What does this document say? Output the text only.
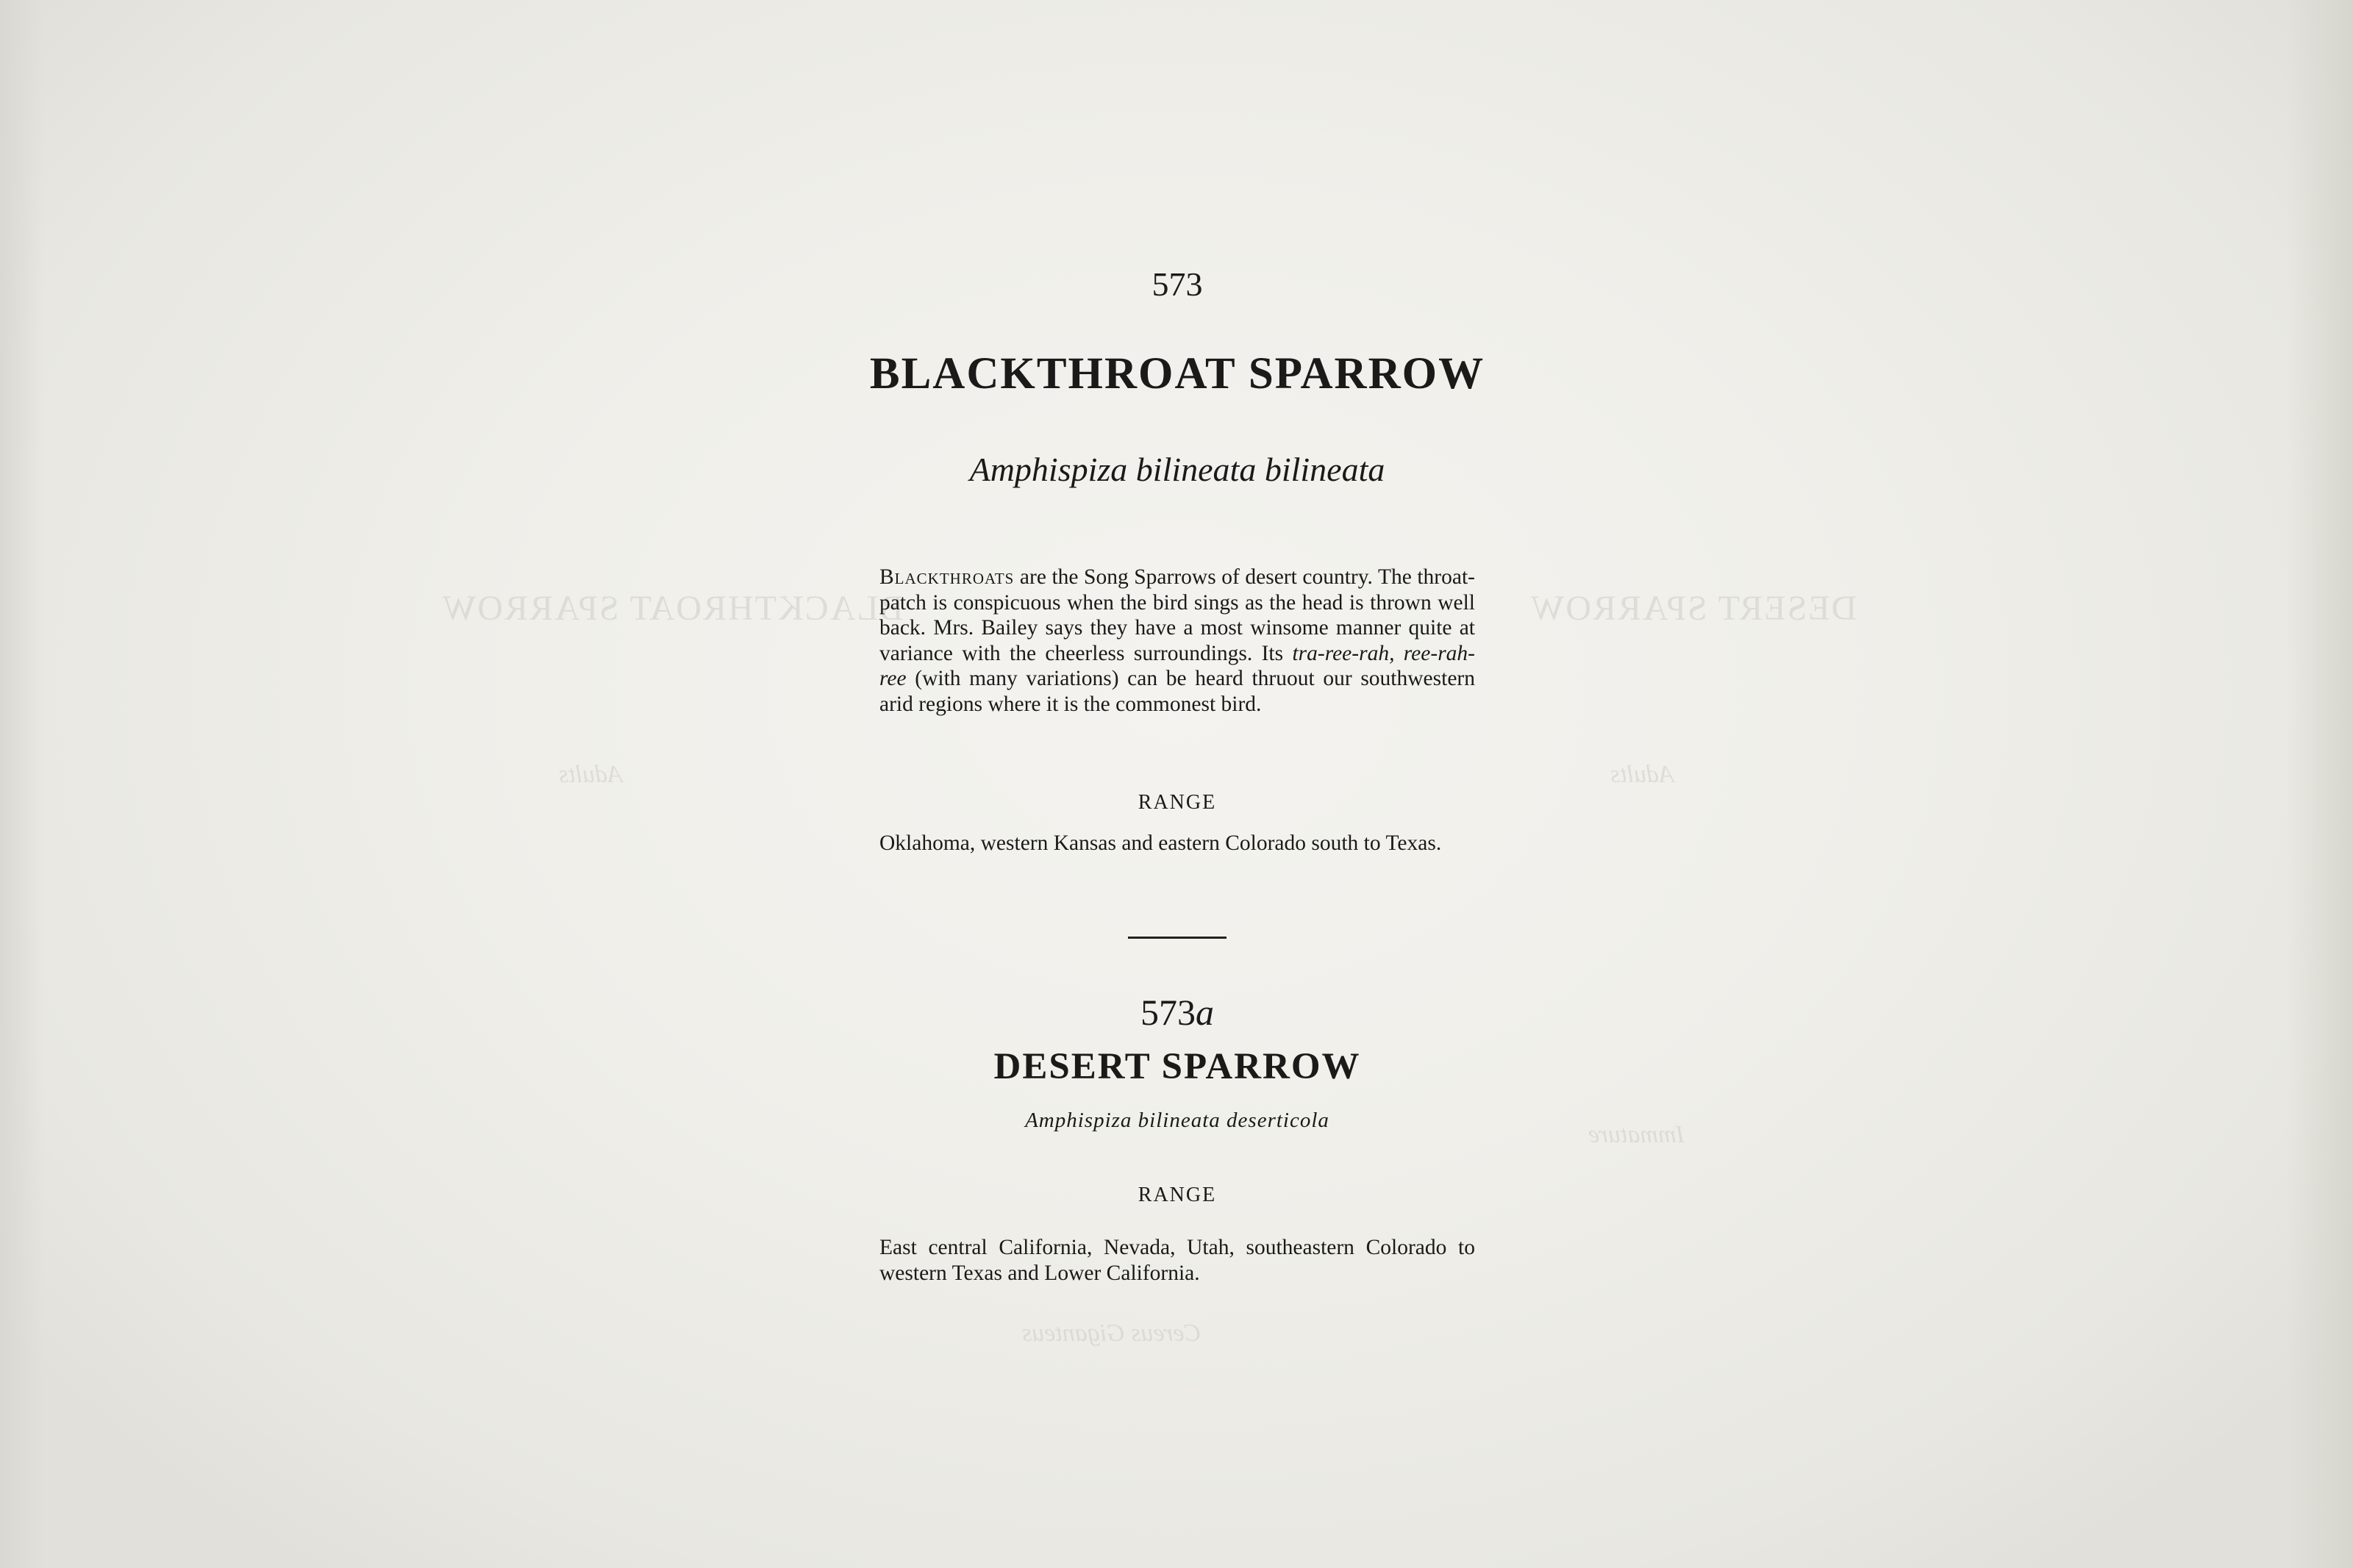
BLACKTHROAT SPARROW	DESERT SPARROW
Adults	Adults
Immature
Cereus Giganteus

573

BLACKTHROAT SPARROW

Amphispiza bilineata bilineata

Blackthroats are the Song Sparrows of desert country. The throat-patch is conspicuous when the bird sings as the head is thrown well back. Mrs. Bailey says they have a most winsome manner quite at variance with the cheerless surroundings. Its tra-ree-rah, ree-rah-ree (with many variations) can be heard thruout our southwestern arid regions where it is the commonest bird.

RANGE

Oklahoma, western Kansas and eastern Colorado south to Texas.

573a

DESERT SPARROW

Amphispiza bilineata deserticola

RANGE

East central California, Nevada, Utah, southeastern Colorado to western Texas and Lower California.
